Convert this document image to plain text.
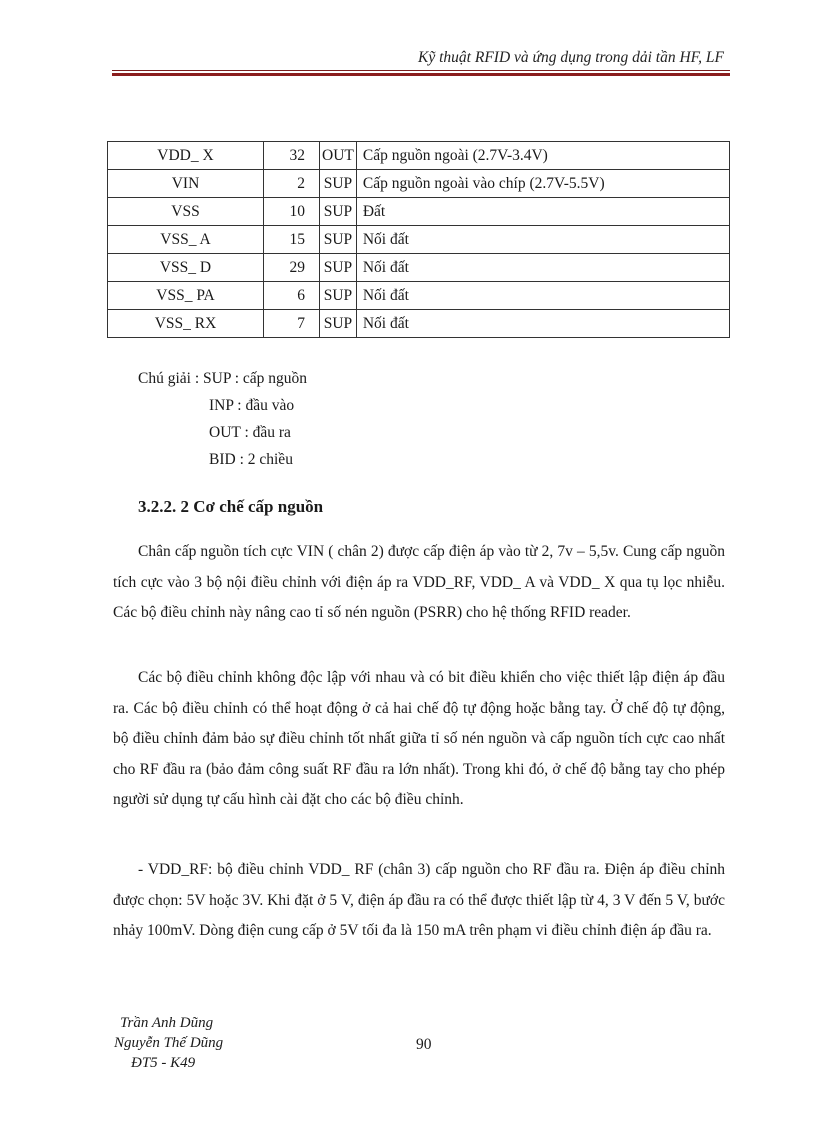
Kỹ thuật RFID và ứng dụng trong dải tần HF, LF
VDD_ X	32	OUT	Cấp nguồn ngoài (2.7V-3.4V)
VIN	2	SUP	Cấp nguồn ngoài vào chíp (2.7V-5.5V)
VSS	10	SUP	Đất
VSS_ A	15	SUP	Nối đất
VSS_ D	29	SUP	Nối đất
VSS_ PA	6	SUP	Nối đất
VSS_ RX	7	SUP	Nối đất
Chú giải : SUP : cấp nguồn
INP : đầu vào
OUT : đầu ra
BID : 2 chiều
3.2.2. 2 Cơ chế cấp nguồn

Chân cấp nguồn tích cực VIN ( chân 2) được cấp điện áp vào từ 2, 7v – 5,5v. Cung cấp nguồn tích cực vào 3 bộ nội điều chỉnh với điện áp ra VDD_RF, VDD_ A và VDD_ X qua tụ lọc nhiễu. Các bộ điều chỉnh này nâng cao tỉ số nén nguồn (PSRR) cho hệ thống RFID reader.

Các bộ điều chỉnh không độc lập với nhau và có bit điều khiển cho việc thiết lập điện áp đầu ra. Các bộ điều chỉnh có thể hoạt động ở cả hai chế độ tự động hoặc bằng tay. Ở chế độ tự động, bộ điều chỉnh đảm bảo sự điều chỉnh tốt nhất giữa tỉ số nén nguồn và cấp nguồn tích cực cao nhất cho RF đầu ra (bảo đảm công suất RF đầu ra lớn nhất). Trong khi đó, ở chế độ bằng tay cho phép người sử dụng tự cấu hình cài đặt cho các bộ điều chỉnh.

- VDD_RF: bộ điều chỉnh VDD_ RF (chân 3) cấp nguồn cho RF đầu ra. Điện áp điều chỉnh được chọn: 5V hoặc 3V. Khi đặt ở 5 V, điện áp đầu ra có thể được thiết lập từ 4, 3 V đến 5 V, bước nhảy 100mV. Dòng điện cung cấp ở 5V tối đa là 150 mA trên phạm vi điều chỉnh điện áp đầu ra.

Trần Anh Dũng
Nguyễn Thế Dũng
ĐT5 - K49
90
